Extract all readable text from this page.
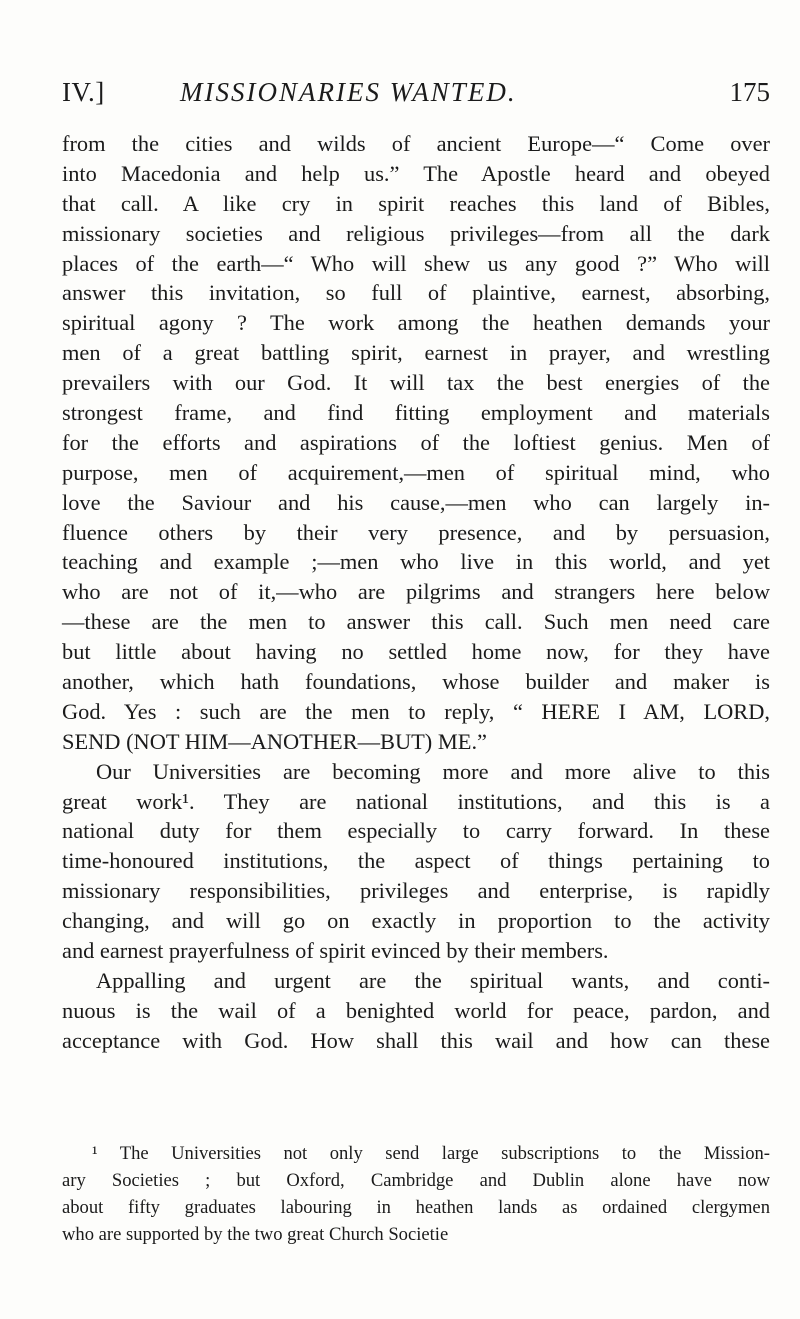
IV.]	MISSIONARIES WANTED.	175
from the cities and wilds of ancient Europe—“ Come over
into Macedonia and help us.” The Apostle heard and obeyed
that call. A like cry in spirit reaches this land of Bibles,
missionary societies and religious privileges—from all the dark
places of the earth—“ Who will shew us any good ?” Who will
answer this invitation, so full of plaintive, earnest, absorbing,
spiritual agony ? The work among the heathen demands your
men of a great battling spirit, earnest in prayer, and wrestling
prevailers with our God. It will tax the best energies of the
strongest frame, and find fitting employment and materials
for the efforts and aspirations of the loftiest genius. Men of
purpose, men of acquirement,—men of spiritual mind, who
love the Saviour and his cause,—men who can largely in-
fluence others by their very presence, and by persuasion,
teaching and example ;—men who live in this world, and yet
who are not of it,—who are pilgrims and strangers here below
—these are the men to answer this call. Such men need care
but little about having no settled home now, for they have
another, which hath foundations, whose builder and maker is
God. Yes : such are the men to reply, “ HERE I AM, LORD,
SEND (NOT HIM—ANOTHER—BUT) ME.”
Our Universities are becoming more and more alive to this
great work¹. They are national institutions, and this is a
national duty for them especially to carry forward. In these
time-honoured institutions, the aspect of things pertaining to
missionary responsibilities, privileges and enterprise, is rapidly
changing, and will go on exactly in proportion to the activity
and earnest prayerfulness of spirit evinced by their members.
Appalling and urgent are the spiritual wants, and conti-
nuous is the wail of a benighted world for peace, pardon, and
acceptance with God. How shall this wail and how can these
¹ The Universities not only send large subscriptions to the Mission-
ary Societies ; but Oxford, Cambridge and Dublin alone have now
about fifty graduates labouring in heathen lands as ordained clergymen
who are supported by the two great Church Societie
